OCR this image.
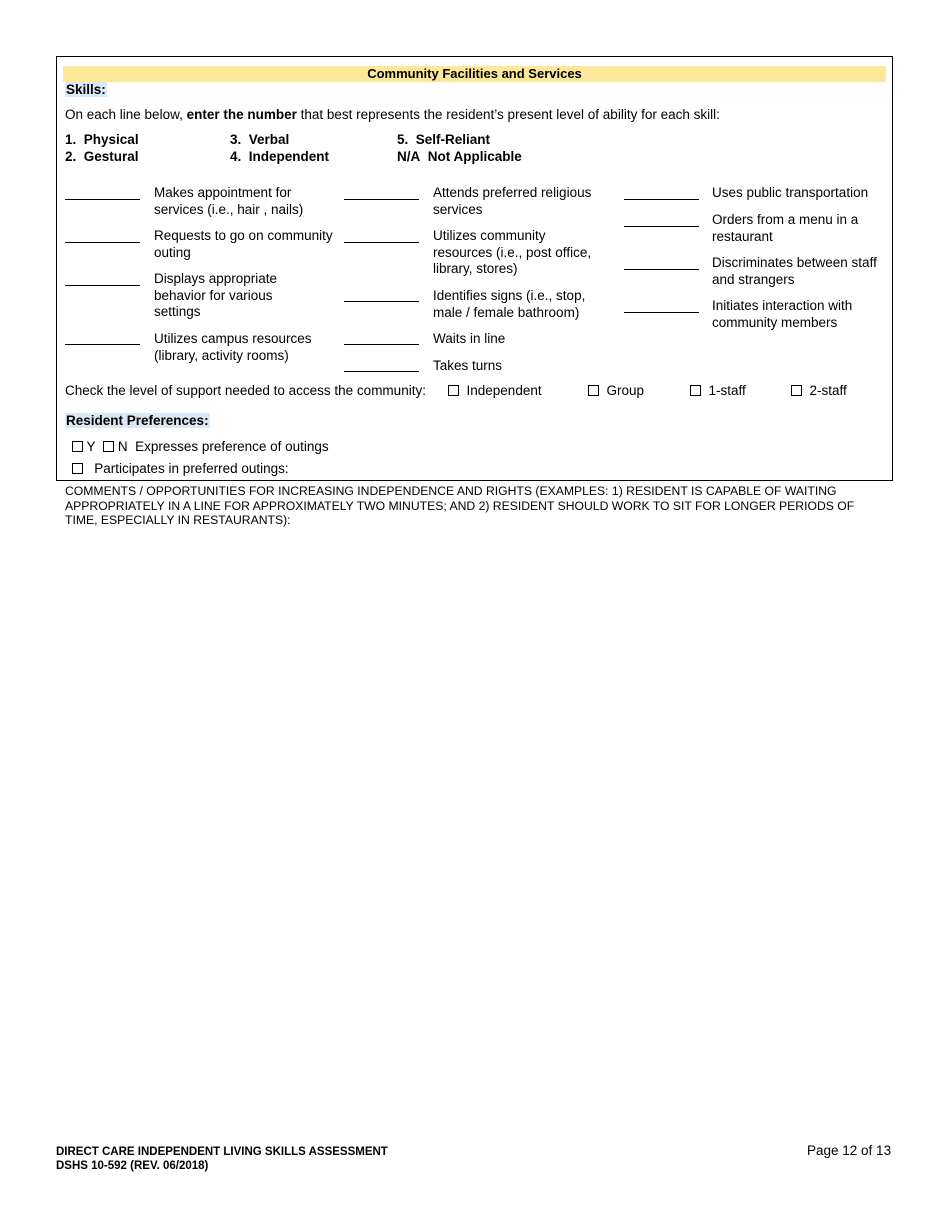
Community Facilities and Services
Skills:
On each line below, enter the number that best represents the resident’s present level of ability for each skill:
1. Physical
2. Gestural
3. Verbal
4. Independent
5. Self-Reliant
N/A Not Applicable
Makes appointment for services (i.e., hair , nails)
Requests to go on community outing
Displays appropriate behavior for various settings
Utilizes campus resources (library, activity rooms)
Attends preferred religious services
Utilizes community resources (i.e., post office, library, stores)
Identifies signs (i.e., stop, male / female bathroom)
Waits in line
Takes turns
Uses public transportation
Orders from a menu in a restaurant
Discriminates between staff and strangers
Initiates interaction with community members
Check the level of support needed to access the community:	Independent	Group	1-staff	2-staff
Resident Preferences:
Y N Expresses preference of outings
Participates in preferred outings:
COMMENTS / OPPORTUNITIES FOR INCREASING INDEPENDENCE AND RIGHTS (EXAMPLES: 1) RESIDENT IS CAPABLE OF WAITING APPROPRIATELY IN A LINE FOR APPROXIMATELY TWO MINUTES; AND 2) RESIDENT SHOULD WORK TO SIT FOR LONGER PERIODS OF TIME, ESPECIALLY IN RESTAURANTS):
DIRECT CARE INDEPENDENT LIVING SKILLS ASSESSMENT
DSHS 10-592 (REV. 06/2018)
Page 12 of 13
